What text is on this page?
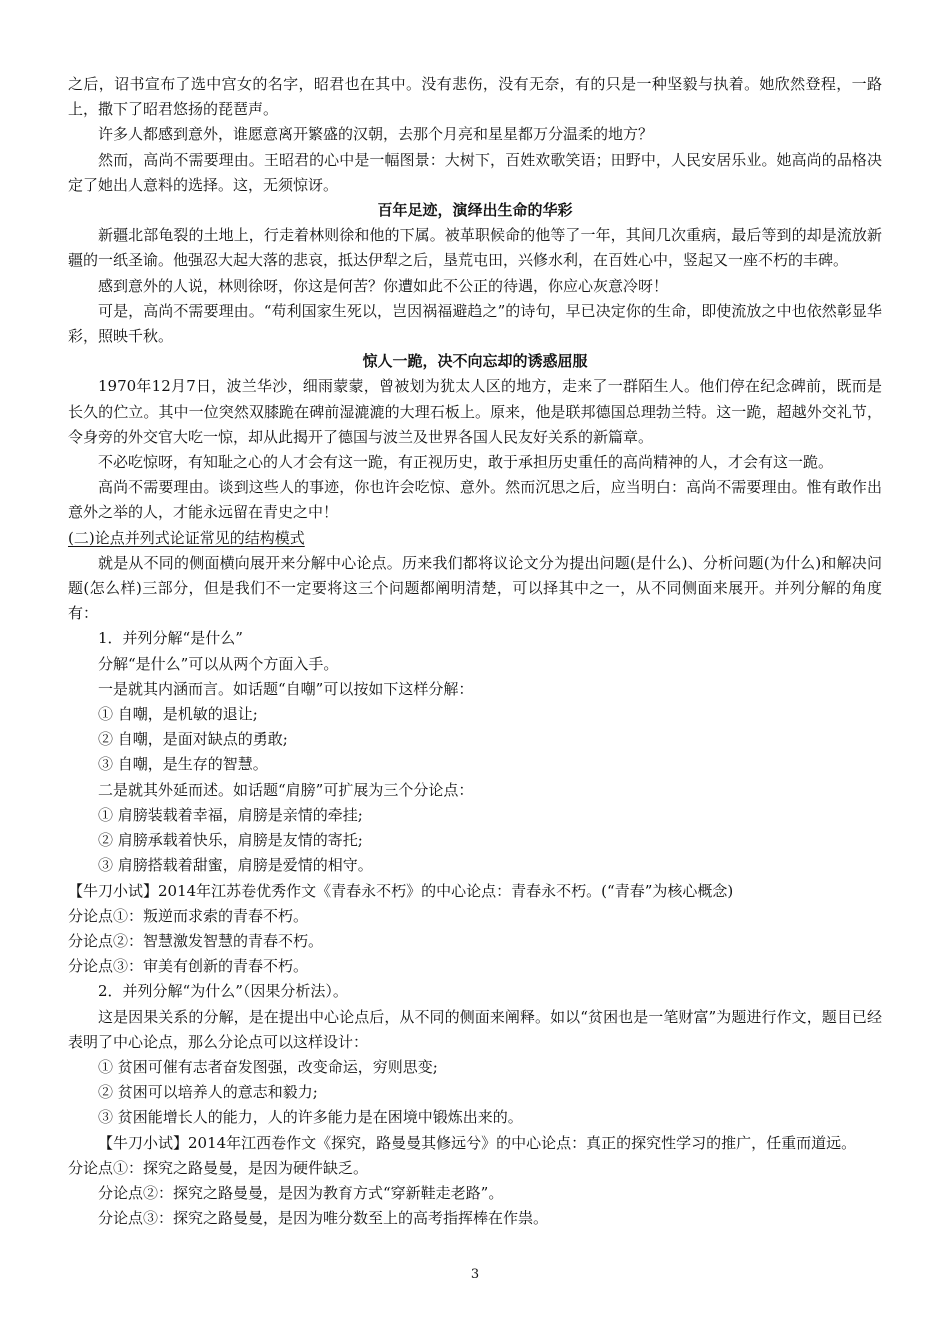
之后，诏书宣布了选中宫女的名字，昭君也在其中。没有悲伤，没有无奈，有的只是一种坚毅与执着。她欣然登程，一路上，撒下了昭君悠扬的琵琶声。

许多人都感到意外，谁愿意离开繁盛的汉朝，去那个月亮和星星都万分温柔的地方？

然而，高尚不需要理由。王昭君的心中是一幅图景：大树下，百姓欢歌笑语；田野中，人民安居乐业。她高尚的品格决定了她出人意料的选择。这，无须惊讶。

百年足迹，演绎出生命的华彩

新疆北部龟裂的土地上，行走着林则徐和他的下属。被革职候命的他等了一年，其间几次重病，最后等到的却是流放新疆的一纸圣谕。他强忍大起大落的悲哀，抵达伊犁之后，垦荒屯田，兴修水利，在百姓心中，竖起又一座不朽的丰碑。

感到意外的人说，林则徐呀，你这是何苦？你遭如此不公正的待遇，你应心灰意冷呀！

可是，高尚不需要理由。“苟利国家生死以，岂因祸福避趋之”的诗句，早已决定你的生命，即使流放之中也依然彰显华彩，照映千秋。

惊人一跪，决不向忘却的诱惑屈服

1970年12月7日，波兰华沙，细雨蒙蒙，曾被划为犹太人区的地方，走来了一群陌生人。他们停在纪念碑前，既而是长久的伫立。其中一位突然双膝跪在碑前湿漉漉的大理石板上。原来，他是联邦德国总理勃兰特。这一跪，超越外交礼节，令身旁的外交官大吃一惊，却从此揭开了德国与波兰及世界各国人民友好关系的新篇章。

不必吃惊呀，有知耻之心的人才会有这一跪，有正视历史，敢于承担历史重任的高尚精神的人，才会有这一跪。

高尚不需要理由。谈到这些人的事迹，你也许会吃惊、意外。然而沉思之后，应当明白：高尚不需要理由。惟有敢作出意外之举的人，才能永远留在青史之中！

(二)论点并列式论证常见的结构模式

就是从不同的侧面横向展开来分解中心论点。历来我们都将议论文分为提出问题(是什么)、分析问题(为什么)和解决问题(怎么样)三部分，但是我们不一定要将这三个问题都阐明清楚，可以择其中之一，从不同侧面来展开。并列分解的角度有：

1．并列分解“是什么”

分解“是什么”可以从两个方面入手。

一是就其内涵而言。如话题“自嘲”可以按如下这样分解：

① 自嘲，是机敏的退让;

② 自嘲，是面对缺点的勇敢;

③ 自嘲，是生存的智慧。

二是就其外延而述。如话题“肩膀”可扩展为三个分论点：

① 肩膀装载着幸福，肩膀是亲情的牵挂;

② 肩膀承载着快乐，肩膀是友情的寄托;

③ 肩膀搭载着甜蜜，肩膀是爱情的相守。

【牛刀小试】2014年江苏卷优秀作文《青春永不朽》的中心论点：青春永不朽。(“青春”为核心概念)

分论点①：叛逆而求索的青春不朽。

分论点②：智慧激发智慧的青春不朽。

分论点③：审美有创新的青春不朽。

2．并列分解“为什么”（因果分析法）。

这是因果关系的分解，是在提出中心论点后，从不同的侧面来阐释。如以“贫困也是一笔财富”为题进行作文，题目已经表明了中心论点，那么分论点可以这样设计：

① 贫困可催有志者奋发图强，改变命运，穷则思变;

② 贫困可以培养人的意志和毅力;

③ 贫困能增长人的能力，人的许多能力是在困境中锻炼出来的。

【牛刀小试】2014年江西卷作文《探究，路曼曼其修远兮》的中心论点：真正的探究性学习的推广，任重而道远。

分论点①：探究之路曼曼，是因为硬件缺乏。

分论点②：探究之路曼曼，是因为教育方式“穿新鞋走老路”。

分论点③：探究之路曼曼，是因为唯分数至上的高考指挥棒在作祟。

3
